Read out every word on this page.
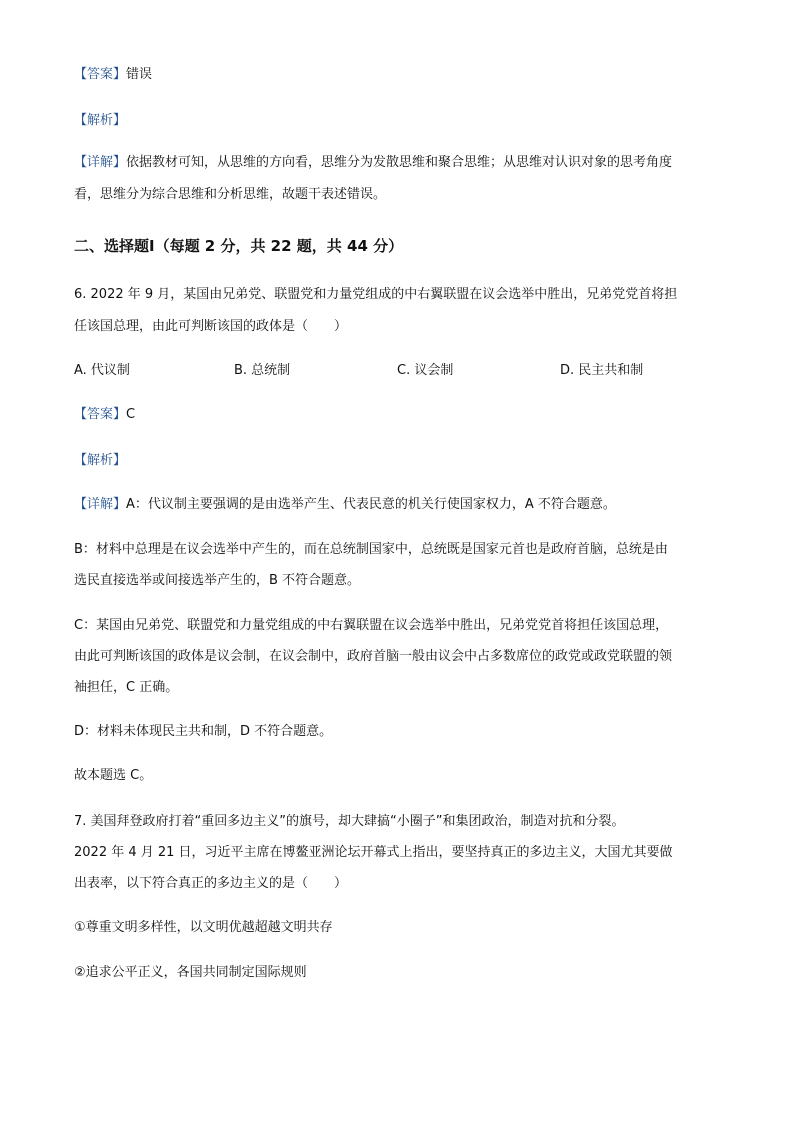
【答案】错误
【解析】
【详解】依据教材可知，从思维的方向看，思维分为发散思维和聚合思维；从思维对认识对象的思考角度
看，思维分为综合思维和分析思维，故题干表述错误。
二、选择题Ⅰ（每题 2 分，共 22 题，共 44 分）
6. 2022 年 9 月，某国由兄弟党、联盟党和力量党组成的中右翼联盟在议会选举中胜出，兄弟党党首将担
任该国总理，由此可判断该国的政体是（　　）
A. 代议制	B. 总统制	C. 议会制	D. 民主共和制
【答案】C
【解析】
【详解】A：代议制主要强调的是由选举产生、代表民意的机关行使国家权力，A 不符合题意。
B：材料中总理是在议会选举中产生的，而在总统制国家中，总统既是国家元首也是政府首脑，总统是由
选民直接选举或间接选举产生的，B 不符合题意。
C：某国由兄弟党、联盟党和力量党组成的中右翼联盟在议会选举中胜出，兄弟党党首将担任该国总理，
由此可判断该国的政体是议会制，在议会制中，政府首脑一般由议会中占多数席位的政党或政党联盟的领
袖担任，C 正确。
D：材料未体现民主共和制，D 不符合题意。
故本题选 C。
7. 美国拜登政府打着“重回多边主义”的旗号，却大肆搞“小圈子”和集团政治，制造对抗和分裂。
2022 年 4 月 21 日，习近平主席在博鳌亚洲论坛开幕式上指出，要坚持真正的多边主义，大国尤其要做
出表率，以下符合真正的多边主义的是（　　）
①尊重文明多样性，以文明优越超越文明共存
②追求公平正义，各国共同制定国际规则
